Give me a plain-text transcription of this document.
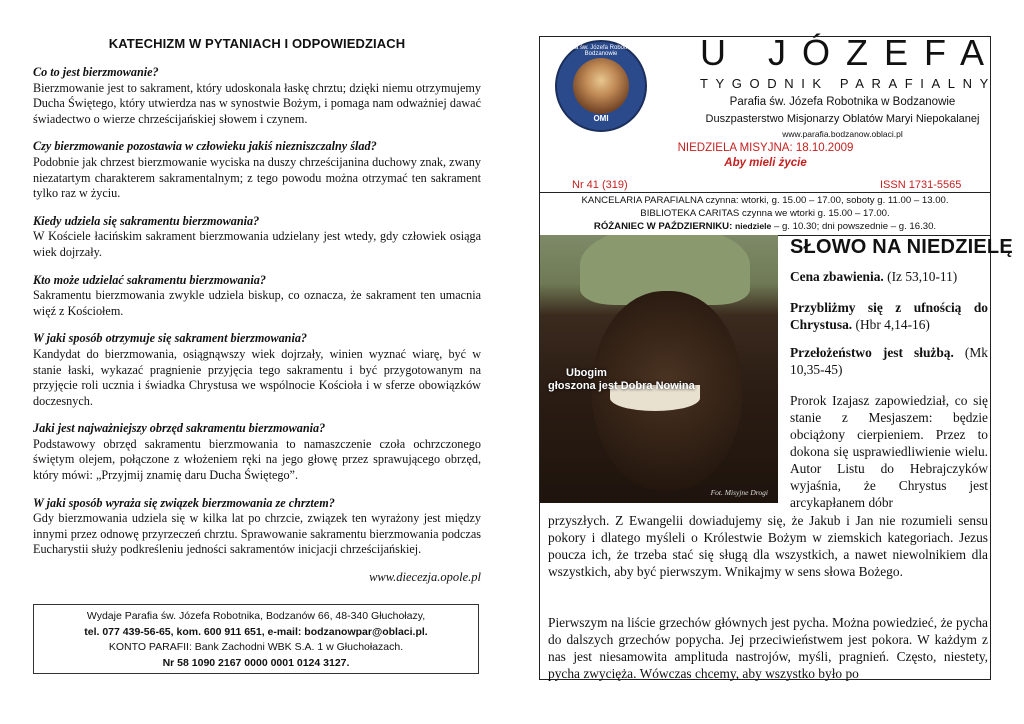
KATECHIZM W PYTANIACH I ODPOWIEDZIACH
Co to jest bierzmowanie?
Bierzmowanie jest to sakrament, który udoskonala łaskę chrztu; dzięki niemu otrzymujemy Ducha Świętego, który utwierdza nas w synostwie Bożym, i pomaga nam odważniej dawać świadectwo o wierze chrześcijańskiej słowem i czynem.
Czy bierzmowanie pozostawia w człowieku jakiś niezniszczalny ślad?
Podobnie jak chrzest bierzmowanie wyciska na duszy chrześcijanina duchowy znak, zwany niezatartym charakterem sakramentalnym; z tego powodu można otrzymać ten sakrament tylko raz w życiu.
Kiedy udziela się sakramentu bierzmowania?
W Kościele łacińskim sakrament bierzmowania udzielany jest wtedy, gdy człowiek osiąga wiek dojrzały.
Kto może udzielać sakramentu bierzmowania?
Sakramentu bierzmowania zwykle udziela biskup, co oznacza, że sakrament ten umacnia więź z Kościołem.
W jaki sposób otrzymuje się sakrament bierzmowania?
Kandydat do bierzmowania, osiągnąwszy wiek dojrzały, winien wyznać wiarę, być w stanie łaski, wykazać pragnienie przyjęcia tego sakramentu i być przygotowanym na przyjęcie roli ucznia i świadka Chrystusa we wspólnocie Kościoła i w sferze obowiązków doczesnych.
Jaki jest najważniejszy obrzęd sakramentu bierzmowania?
Podstawowy obrzęd sakramentu bierzmowania to namaszczenie czoła ochrzczonego świętym olejem, połączone z włożeniem ręki na jego głowę przez sprawującego obrzęd, który mówi: „Przyjmij znamię daru Ducha Świętego”.
W jaki sposób wyraża się związek bierzmowania ze chrztem?
Gdy bierzmowania udziela się w kilka lat po chrzcie, związek ten wyrażony jest między innymi przez odnowę przyrzeczeń chrztu. Sprawowanie sakramentu bierzmowania podczas Eucharystii służy podkreśleniu jedności sakramentów inicjacji chrześcijańskiej.
www.diecezja.opole.pl
Wydaje Parafia św. Józefa Robotnika, Bodzanów 66, 48-340 Głuchołazy,
tel. 077 439-56-65, kom. 600 911 651, e-mail: bodzanowpar@oblaci.pl.
KONTO PARAFII: Bank Zachodni WBK S.A. 1 w Głuchołazach.
Nr 58 1090 2167 0000 0001 0124 3127.
Parafia św. Józefa Robotnika w Bodzanowie
OMI
U JÓZEFA
TYGODNIK PARAFIALNY
Parafia św. Józefa Robotnika w Bodzanowie
Duszpasterstwo Misjonarzy Oblatów Maryi Niepokalanej
www.parafia.bodzanow.oblaci.pl
NIEDZIELA MISYJNA: 18.10.2009
Aby mieli życie
Nr 41 (319)	ISSN 1731-5565
KANCELARIA PARAFIALNA czynna: wtorki, g. 15.00 – 17.00, soboty g. 11.00 – 13.00.
BIBLIOTEKA CARITAS czynna we wtorki g. 15.00 – 17.00.
RÓŻANIEC W PAŹDZIERNIKU: niedziele – g. 10.30; dni powszednie – g. 16.30.
Ubogim
głoszona jest Dobra Nowina
Fot. Misyjne Drogi
SŁOWO NA NIEDZIELĘ
Cena zbawienia. (Iz 53,10-11)
Przybliżmy się z ufnością do Chrystusa. (Hbr 4,14-16)
Przełożeństwo jest służbą. (Mk 10,35-45)
Prorok Izajasz zapowiedział, co się stanie z Mesjaszem: będzie obciążony cierpieniem. Przez to dokona się usprawiedliwienie wielu. Autor Listu do Hebrajczyków wyjaśnia, że Chrystus jest arcykapłanem dóbr
przyszłych. Z Ewangelii dowiadujemy się, że Jakub i Jan nie rozumieli sensu pokory i dlatego myśleli o Królestwie Bożym w ziemskich kategoriach. Jezus poucza ich, że trzeba stać się sługą dla wszystkich, a nawet niewolnikiem dla wszystkich, aby być pierwszym. Wnikajmy w sens słowa Bożego.
Pierwszym na liście grzechów głównych jest pycha. Można powiedzieć, że pycha do dalszych grzechów popycha. Jej przeciwieństwem jest pokora. W każdym z nas jest niesamowita amplituda nastrojów, myśli, pragnień. Często, niestety, pycha zwycięża. Wówczas chcemy, aby wszystko było po
